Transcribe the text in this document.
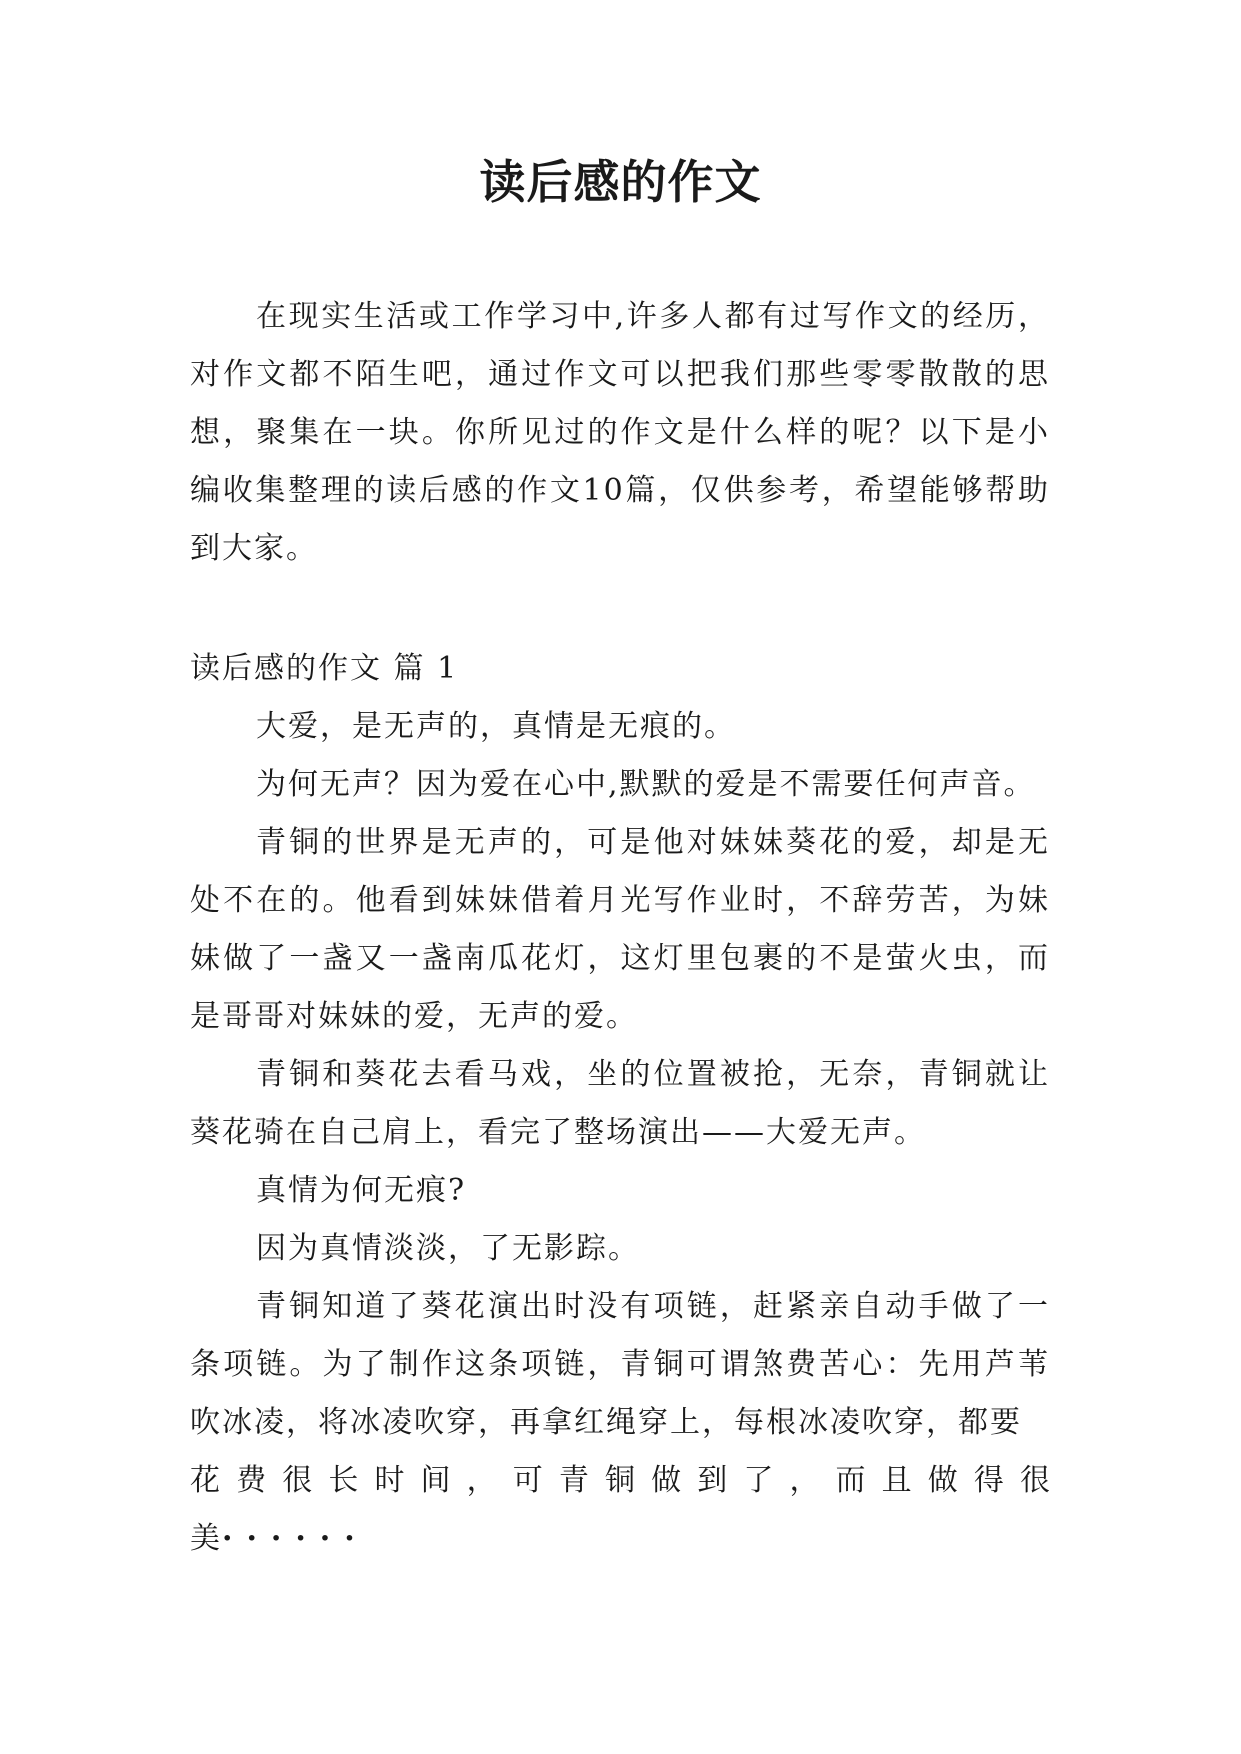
读后感的作文

在现实生活或工作学习中,许多人都有过写作文的经历，对作文都不陌生吧，通过作文可以把我们那些零零散散的思想，聚集在一块。你所见过的作文是什么样的呢？以下是小编收集整理的读后感的作文10篇，仅供参考，希望能够帮助到大家。

读后感的作文 篇 1

大爱，是无声的，真情是无痕的。

为何无声？因为爱在心中,默默的爱是不需要任何声音。

青铜的世界是无声的，可是他对妹妹葵花的爱，却是无处不在的。他看到妹妹借着月光写作业时，不辞劳苦，为妹妹做了一盏又一盏南瓜花灯，这灯里包裹的不是萤火虫，而是哥哥对妹妹的爱，无声的爱。

青铜和葵花去看马戏，坐的位置被抢，无奈，青铜就让葵花骑在自己肩上，看完了整场演出——大爱无声。

真情为何无痕?

因为真情淡淡，了无影踪。

青铜知道了葵花演出时没有项链，赶紧亲自动手做了一条项链。为了制作这条项链，青铜可谓煞费苦心：先用芦苇吹冰凌，将冰凌吹穿，再拿红绳穿上，每根冰凌吹穿，都要

花费很长时间，可青铜做到了，而且做得很

美······
